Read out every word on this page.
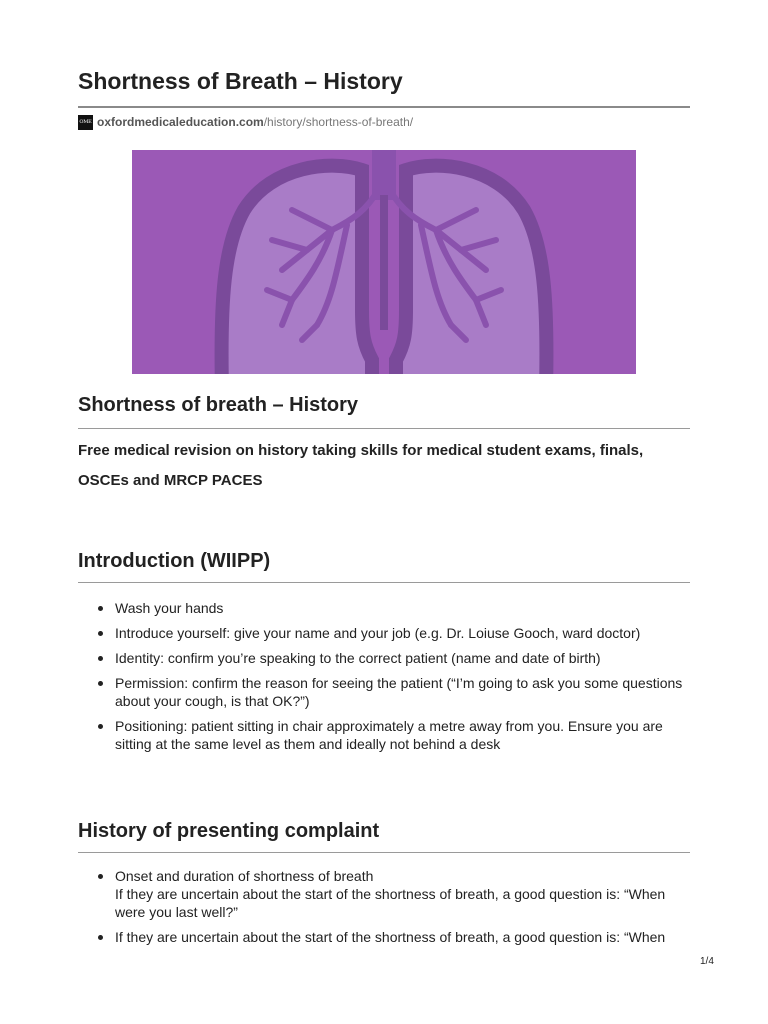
Shortness of Breath – History
OME oxfordmedicaleducation.com /history/shortness-of-breath/
Shortness of breath – History
Free medical revision on history taking skills for medical student exams, finals, OSCEs and MRCP PACES
Introduction (WIIPP)
Wash your hands
Introduce yourself: give your name and your job (e.g. Dr. Loiuse Gooch, ward doctor)
Identity: confirm you’re speaking to the correct patient (name and date of birth)
Permission: confirm the reason for seeing the patient (“I’m going to ask you some questions about your cough, is that OK?”)
Positioning: patient sitting in chair approximately a metre away from you. Ensure you are sitting at the same level as them and ideally not behind a desk
History of presenting complaint
Onset and duration of shortness of breath
If they are uncertain about the start of the shortness of breath, a good question is: “When were you last well?”
If they are uncertain about the start of the shortness of breath, a good question is: “When
1/4
